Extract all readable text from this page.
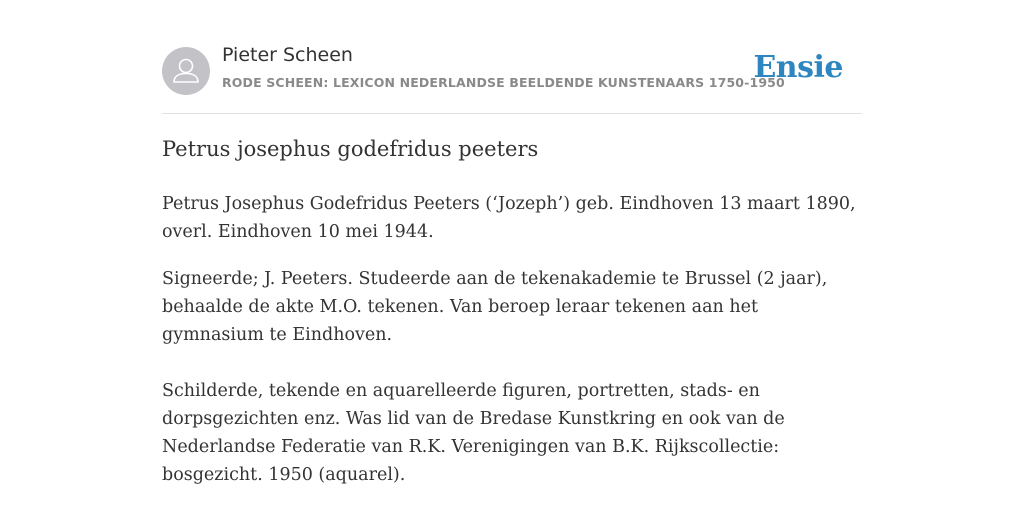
Pieter Scheen
RODE SCHEEN: LEXICON NEDERLANDSE BEELDENDE KUNSTENAARS 1750-1950
Ensie
Petrus josephus godefridus peeters

Petrus Josephus Godefridus Peeters (‘Jozeph’) geb. Eindhoven 13 maart 1890, overl. Eindhoven 10 mei 1944.

Signeerde; J. Peeters. Studeerde aan de tekenakademie te Brussel (2 jaar), behaalde de akte M.O. tekenen. Van beroep leraar tekenen aan het gymnasium te Eindhoven.

Schilderde, tekende en aquarelleerde figuren, portretten, stads- en dorpsgezichten enz. Was lid van de Bredase Kunstkring en ook van de Nederlandse Federatie van R.K. Verenigingen van B.K. Rijkscollectie: bosgezicht. 1950 (aquarel).
